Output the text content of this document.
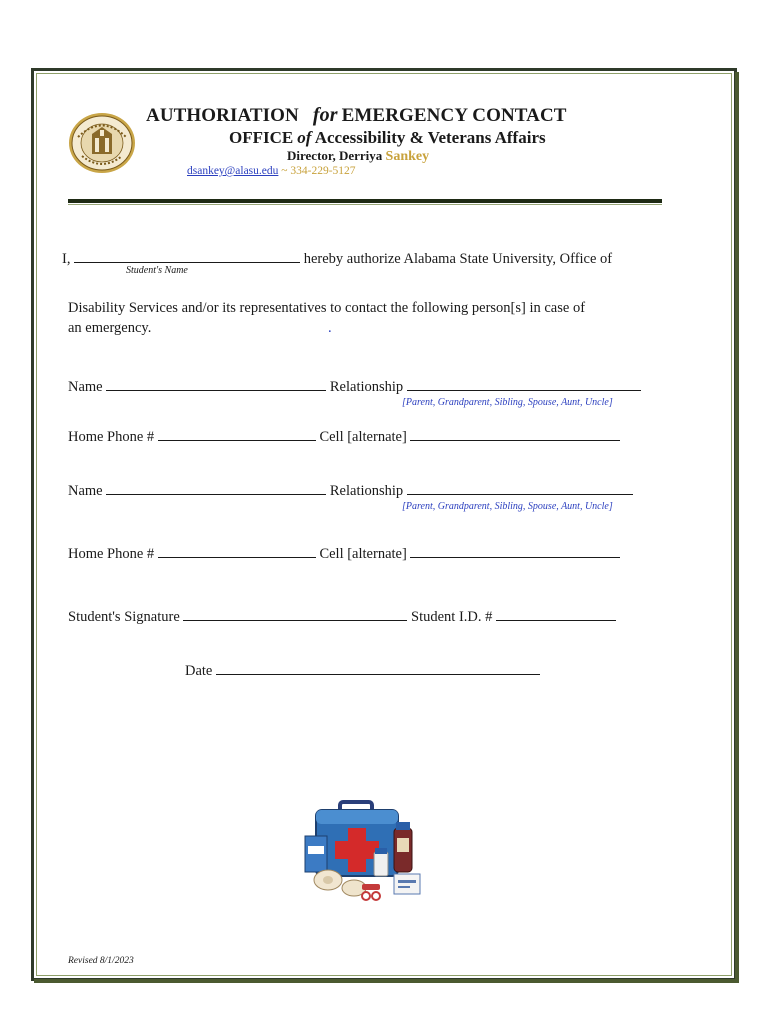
AUTHORIATION for EMERGENCY CONTACT
OFFICE of Accessibility & Veterans Affairs
Director, Derriya Sankey
dsankey@alasu.edu ~ 334-229-5127
I,	hereby authorize Alabama State University, Office of
Student's Name
Disability Services and/or its representatives to contact the following person[s] in case of
an emergency.	.
Name	Relationship
[Parent, Grandparent, Sibling, Spouse, Aunt, Uncle]
Home Phone #	Cell [alternate]
Name	Relationship
[Parent, Grandparent, Sibling, Spouse, Aunt, Uncle]
Home Phone #	Cell [alternate]
Student's Signature	Student I.D. #
Date
Revised 8/1/2023
